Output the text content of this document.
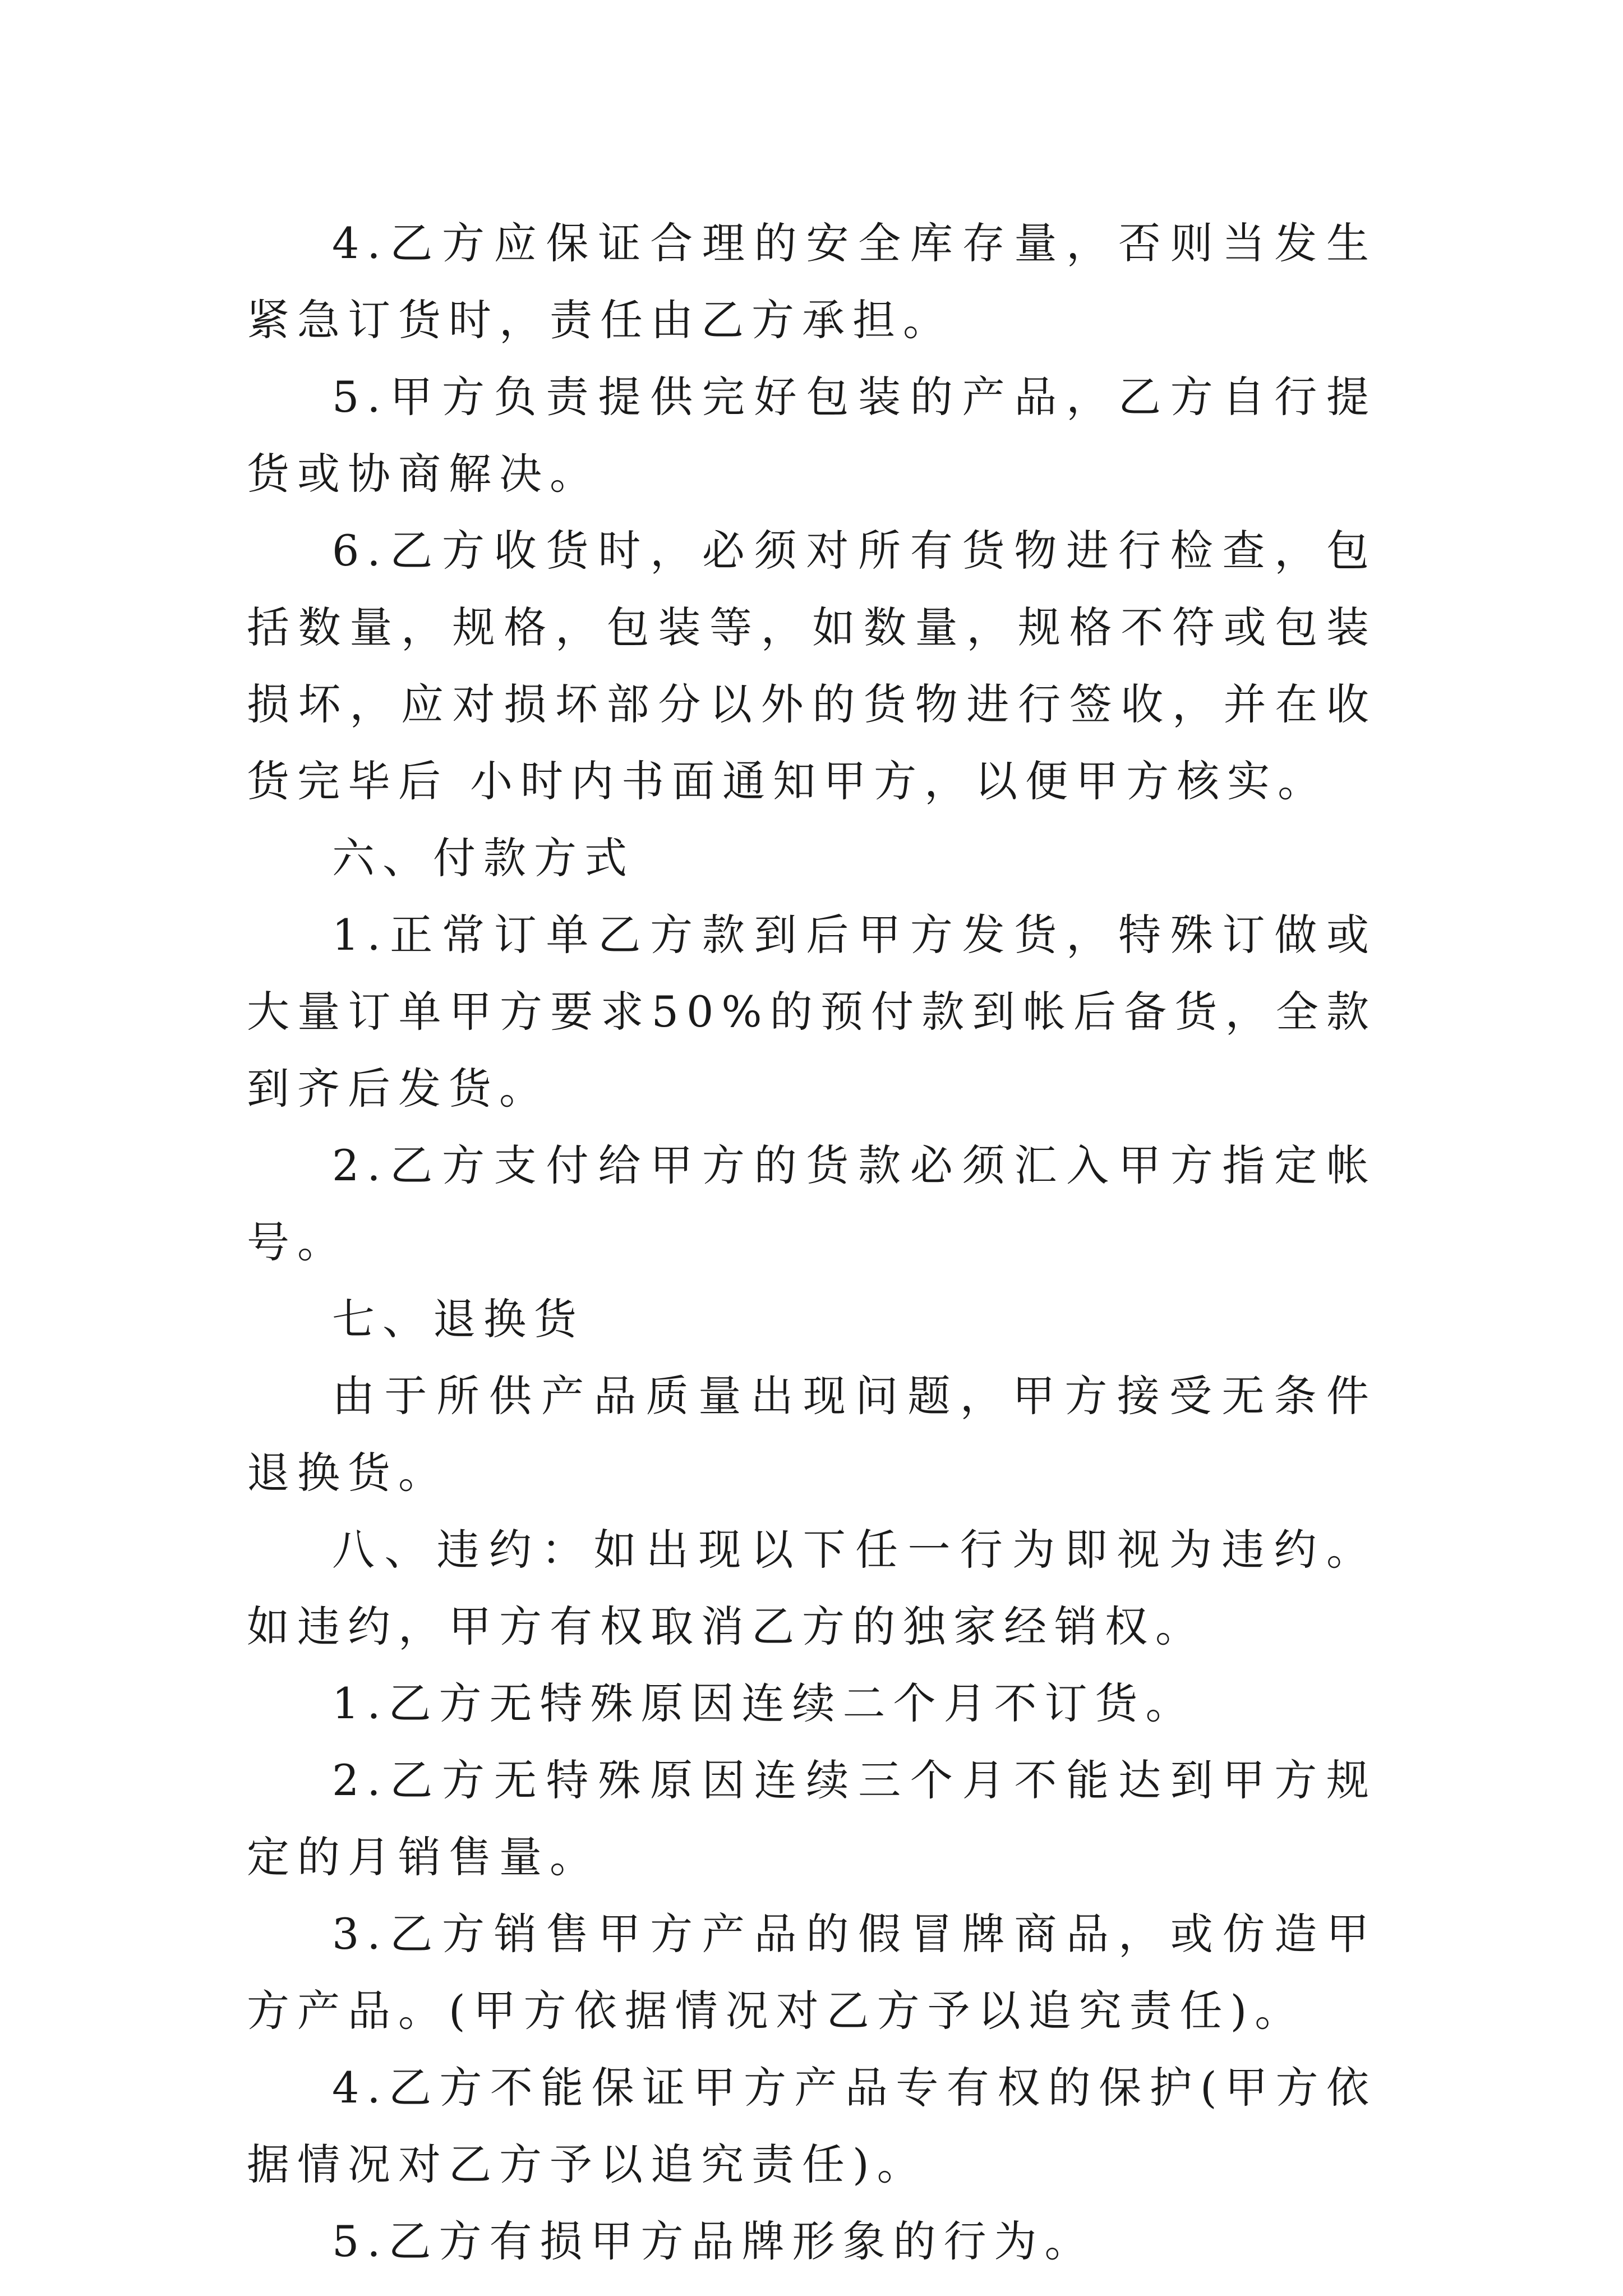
4.乙方应保证合理的安全库存量，否则当发生紧急订货时，责任由乙方承担。

5.甲方负责提供完好包装的产品，乙方自行提货或协商解决。

6.乙方收货时，必须对所有货物进行检查，包括数量，规格，包装等，如数量，规格不符或包装损坏，应对损坏部分以外的货物进行签收，并在收货完毕后 小时内书面通知甲方，以便甲方核实。

六、付款方式

1.正常订单乙方款到后甲方发货，特殊订做或大量订单甲方要求50%的预付款到帐后备货，全款到齐后发货。

2.乙方支付给甲方的货款必须汇入甲方指定帐号。

七、退换货

由于所供产品质量出现问题，甲方接受无条件退换货。

八、违约：如出现以下任一行为即视为违约。如违约，甲方有权取消乙方的独家经销权。

1.乙方无特殊原因连续二个月不订货。

2.乙方无特殊原因连续三个月不能达到甲方规定的月销售量。

3.乙方销售甲方产品的假冒牌商品，或仿造甲方产品。(甲方依据情况对乙方予以追究责任)。

4.乙方不能保证甲方产品专有权的保护(甲方依据情况对乙方予以追究责任)。

5.乙方有损甲方品牌形象的行为。
